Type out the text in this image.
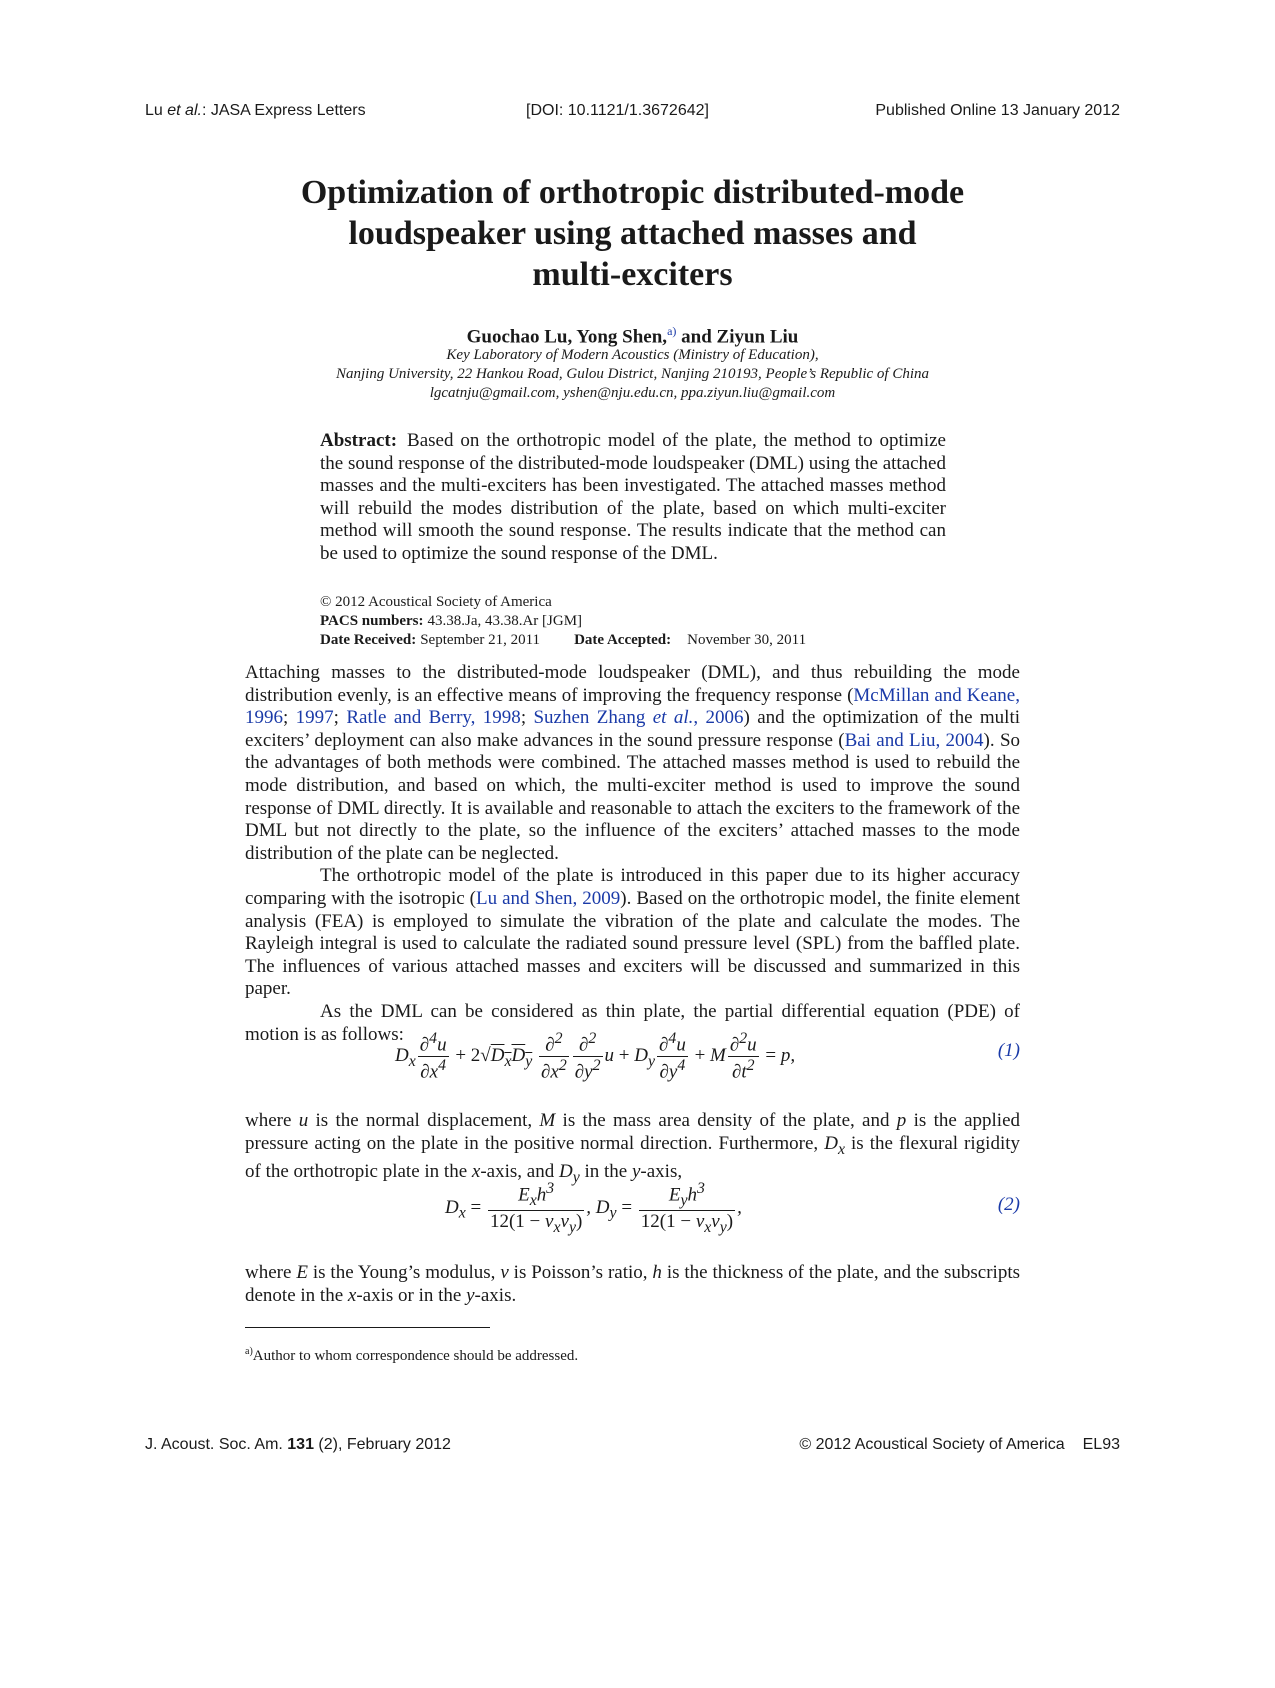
Lu et al.: JASA Express Letters	[DOI: 10.1121/1.3672642]	Published Online 13 January 2012
Optimization of orthotropic distributed-mode
loudspeaker using attached masses and
multi-exciters
Guochao Lu, Yong Shen,$^{a)}$ and Ziyun Liu
Key Laboratory of Modern Acoustics (Ministry of Education),
Nanjing University, 22 Hankou Road, Gulou District, Nanjing 210193, People’s Republic of China
lgcatnju@gmail.com, yshen@nju.edu.cn, ppa.ziyun.liu@gmail.com
Abstract: Based on the orthotropic model of the plate, the method to optimize the sound response of the distributed-mode loudspeaker (DML) using the attached masses and the multi-exciters has been investigated. The attached masses method will rebuild the modes distribution of the plate, based on which multi-exciter method will smooth the sound response. The results indicate that the method can be used to optimize the sound response of the DML.
© 2012 Acoustical Society of America
PACS numbers: 43.38.Ja, 43.38.Ar [JGM]
Date Received: September 21, 2011 Date Accepted: November 30, 2011

Attaching masses to the distributed-mode loudspeaker (DML), and thus rebuilding the mode distribution evenly, is an effective means of improving the frequency response (McMillan and Keane, 1996; 1997; Ratle and Berry, 1998; Suzhen Zhang et al., 2006) and the optimization of the multi exciters’ deployment can also make advances in the sound pressure response (Bai and Liu, 2004). So the advantages of both methods were combined. The attached masses method is used to rebuild the mode distribution, and based on which, the multi-exciter method is used to improve the sound response of DML directly. It is available and reasonable to attach the exciters to the framework of the DML but not directly to the plate, so the influence of the exciters’ attached masses to the mode distribution of the plate can be neglected.

The orthotropic model of the plate is introduced in this paper due to its higher accuracy comparing with the isotropic (Lu and Shen, 2009). Based on the orthotropic model, the finite element analysis (FEA) is employed to simulate the vibration of the plate and calculate the modes. The Rayleigh integral is used to calculate the radiated sound pressure level (SPL) from the baffled plate. The influences of various attached masses and exciters will be discussed and summarized in this paper.

As the DML can be considered as thin plate, the partial differential equation (PDE) of motion is as follows:

$D_x \frac{\partial^4u}{\partial x^4} + 2√D_xD_y \frac{\partial^2}{\partial x^2} \frac{\partial^2}{\partial y^2}$ $u + D_y \frac{\partial^4u}{\partial y^4} + M \frac{\partial^2u}{\partial t^2} = p$,	(1)

where u is the normal displacement, M is the mass area density of the plate, and p is the applied pressure acting on the plate in the positive normal direction. Furthermore, $D_x$ is the flexural rigidity of the orthotropic plate in the x-axis, and $D_y$ in the y-axis,

$D_x = \frac{E_xh^3}{12(1 - v_xv_y)}$ , $D_y = \frac{E_yh^3}{12(1 - v_xv_y)}$ ,	(2)

where E is the Young’s modulus, v is Poisson’s ratio, h is the thickness of the plate, and the subscripts denote in the x-axis or in the y-axis.

$^{a)}$Author to whom correspondence should be addressed.
J. Acoust. Soc. Am. 131 (2), February 2012	© 2012 Acoustical Society of America EL93
